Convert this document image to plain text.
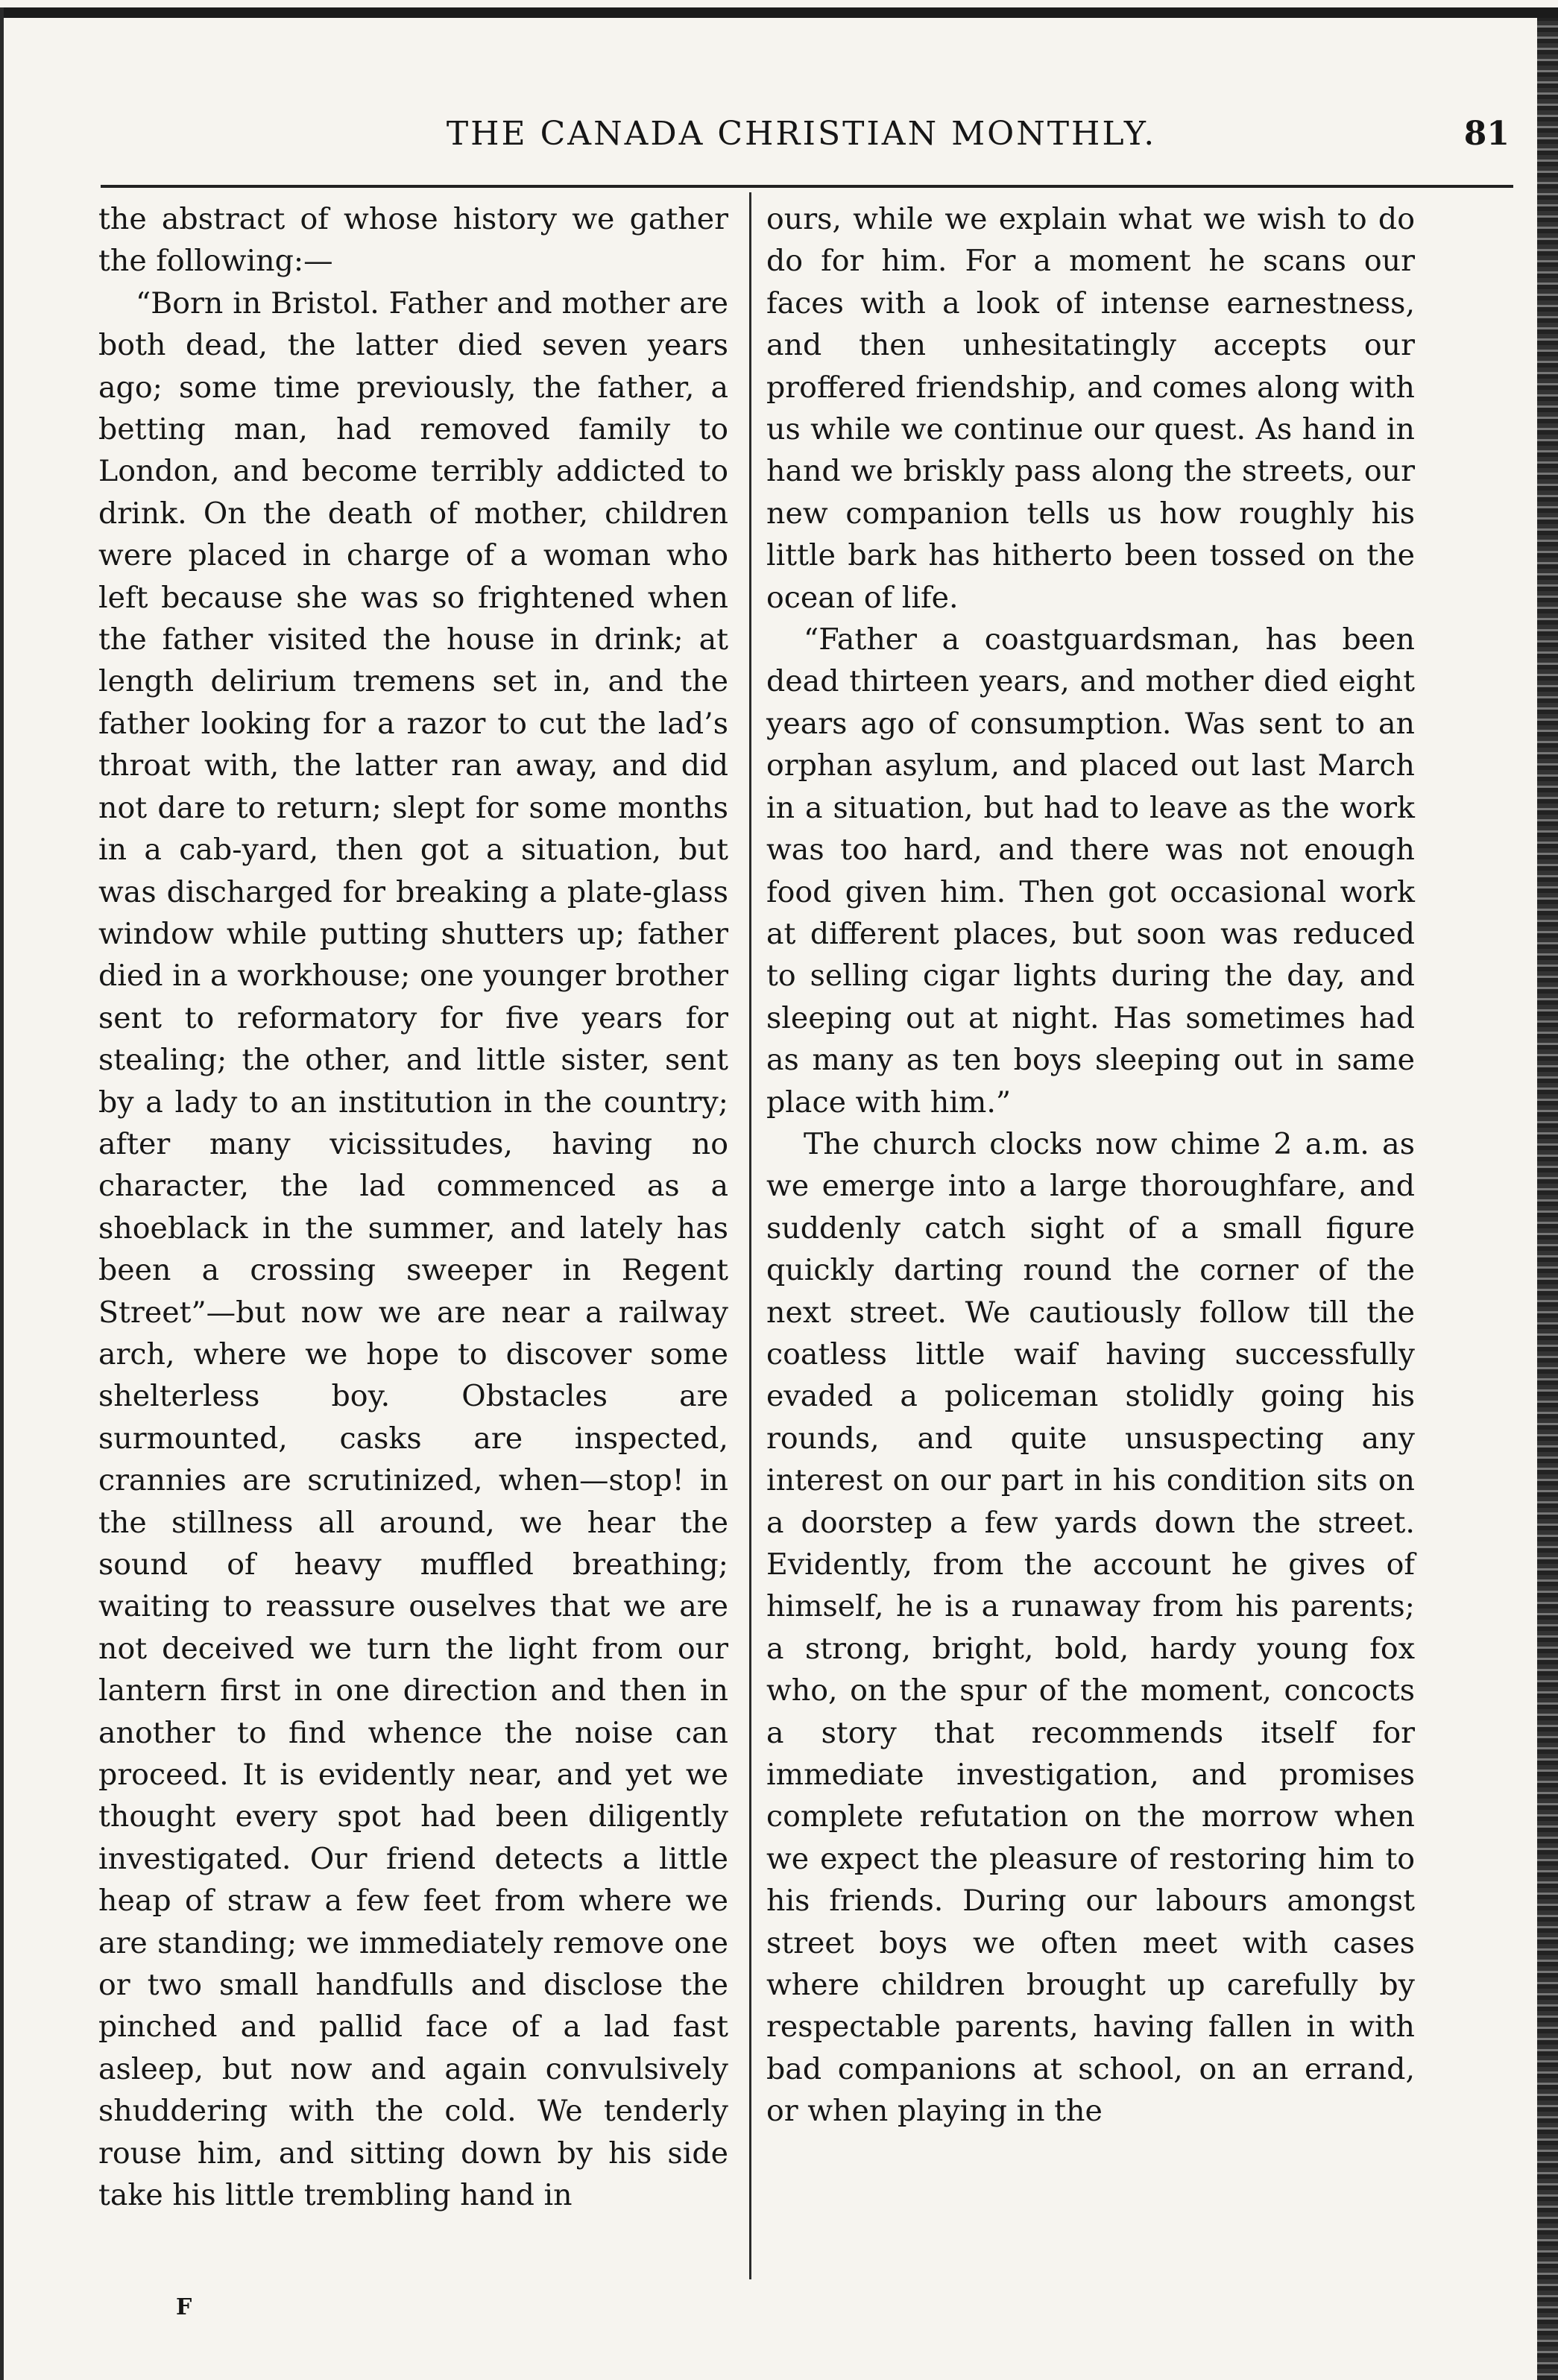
THE CANADA CHRISTIAN MONTHLY.	81

the abstract of whose history we gather the following:—

“Born in Bristol. Father and mother are both dead, the latter died seven years ago; some time previously, the father, a betting man, had removed family to London, and become terribly addicted to drink. On the death of mother, children were placed in charge of a woman who left because she was so frightened when the father visited the house in drink; at length delirium tremens set in, and the father looking for a razor to cut the lad’s throat with, the latter ran away, and did not dare to return; slept for some months in a cab-yard, then got a situation, but was discharged for breaking a plate-glass window while putting shutters up; father died in a workhouse; one younger brother sent to reformatory for five years for stealing; the other, and little sister, sent by a lady to an institution in the country; after many vicissitudes, having no character, the lad commenced as a shoeblack in the summer, and lately has been a crossing sweeper in Regent Street”—but now we are near a railway arch, where we hope to discover some shelterless boy. Obstacles are surmounted, casks are inspected, crannies are scrutinized, when—stop! in the stillness all around, we hear the sound of heavy muffled breathing; waiting to reassure ouselves that we are not deceived we turn the light from our lantern first in one direction and then in another to find whence the noise can proceed. It is evidently near, and yet we thought every spot had been diligently investigated. Our friend detects a little heap of straw a few feet from where we are standing; we immediately remove one or two small handfulls and disclose the pinched and pallid face of a lad fast asleep, but now and again convulsively shuddering with the cold. We tenderly rouse him, and sitting down by his side take his little trembling hand in

ours, while we explain what we wish to do do for him. For a moment he scans our faces with a look of intense earnestness, and then unhesitatingly accepts our proffered friendship, and comes along with us while we continue our quest. As hand in hand we briskly pass along the streets, our new companion tells us how roughly his little bark has hitherto been tossed on the ocean of life.

“Father a coastguardsman, has been dead thirteen years, and mother died eight years ago of consumption. Was sent to an orphan asylum, and placed out last March in a situation, but had to leave as the work was too hard, and there was not enough food given him. Then got occasional work at different places, but soon was reduced to selling cigar lights during the day, and sleeping out at night. Has sometimes had as many as ten boys sleeping out in same place with him.”

The church clocks now chime 2 a.m. as we emerge into a large thoroughfare, and suddenly catch sight of a small figure quickly darting round the corner of the next street. We cautiously follow till the coatless little waif having successfully evaded a policeman stolidly going his rounds, and quite unsuspecting any interest on our part in his condition sits on a doorstep a few yards down the street. Evidently, from the account he gives of himself, he is a runaway from his parents; a strong, bright, bold, hardy young fox who, on the spur of the moment, concocts a story that recommends itself for immediate investigation, and promises complete refutation on the morrow when we expect the pleasure of restoring him to his friends. During our labours amongst street boys we often meet with cases where children brought up carefully by respectable parents, having fallen in with bad companions at school, on an errand, or when playing in the

F
